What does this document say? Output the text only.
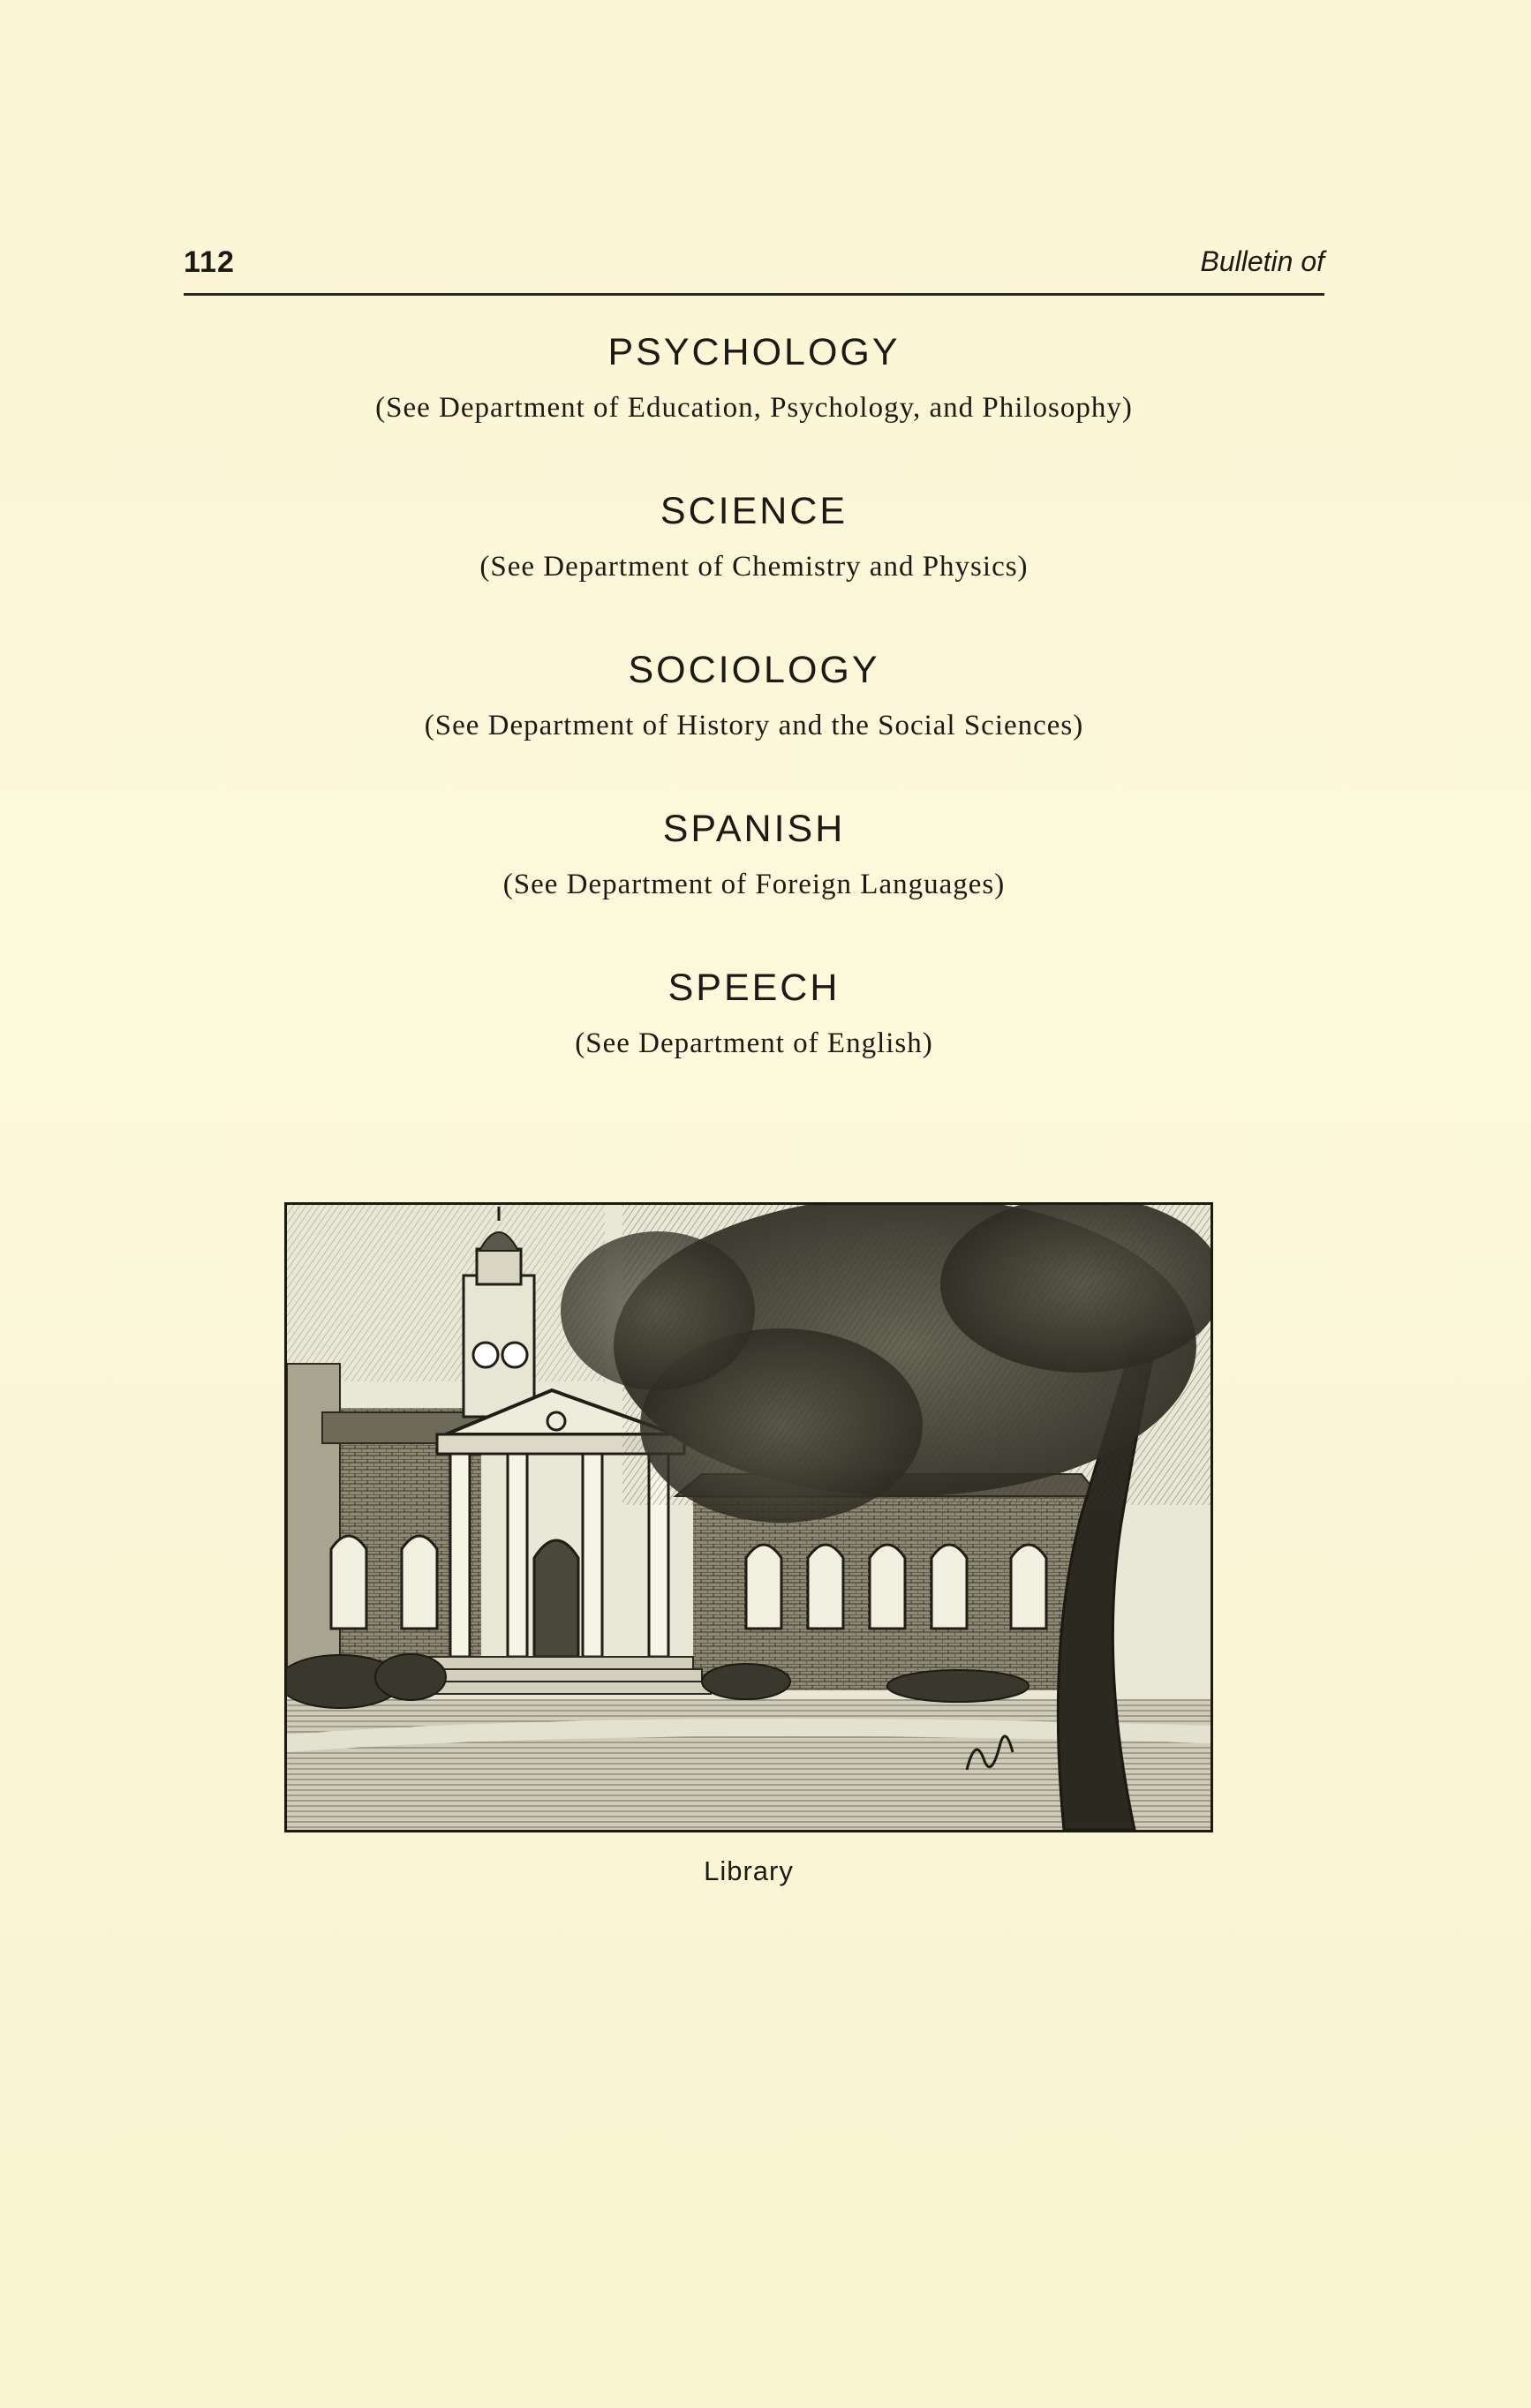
112	Bulletin of
PSYCHOLOGY
(See Department of Education, Psychology, and Philosophy)
SCIENCE
(See Department of Chemistry and Physics)
SOCIOLOGY
(See Department of History and the Social Sciences)
SPANISH
(See Department of Foreign Languages)
SPEECH
(See Department of English)
Library
